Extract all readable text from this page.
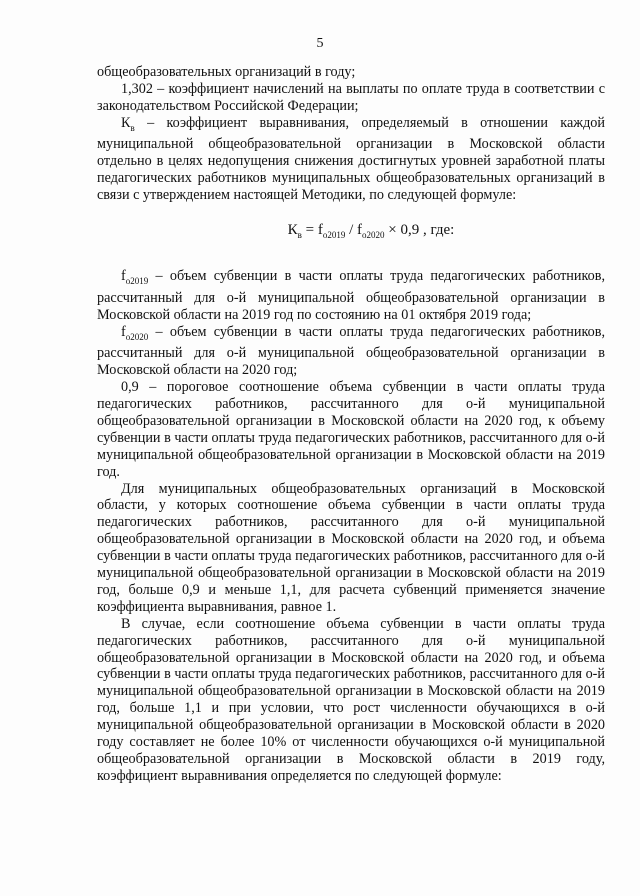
5

общеобразовательных организаций в году;

1,302 – коэффициент начислений на выплаты по оплате труда в соответствии с законодательством Российской Федерации;

$К_в$ – коэффициент выравнивания, определяемый в отношении каждой муниципальной общеобразовательной организации в Московской области отдельно в целях недопущения снижения достигнутых уровней заработной платы педагогических работников муниципальных общеобразовательных организаций в связи с утверждением настоящей Методики, по следующей формуле:

$К_в = f_{o2019} / f_{o2020} \times 0,9$ , где:

$f_{o2019}$ – объем субвенции в части оплаты труда педагогических работников, рассчитанный для о-й муниципальной общеобразовательной организации в Московской области на 2019 год по состоянию на 01 октября 2019 года;

$f_{o2020}$ – объем субвенции в части оплаты труда педагогических работников, рассчитанный для о-й муниципальной общеобразовательной организации в Московской области на 2020 год;

0,9 – пороговое соотношение объема субвенции в части оплаты труда педагогических работников, рассчитанного для о-й муниципальной общеобразовательной организации в Московской области на 2020 год, к объему субвенции в части оплаты труда педагогических работников, рассчитанного для о-й муниципальной общеобразовательной организации в Московской области на 2019 год.

Для муниципальных общеобразовательных организаций в Московской области, у которых соотношение объема субвенции в части оплаты труда педагогических работников, рассчитанного для о-й муниципальной общеобразовательной организации в Московской области на 2020 год, и объема субвенции в части оплаты труда педагогических работников, рассчитанного для о-й муниципальной общеобразовательной организации в Московской области на 2019 год, больше 0,9 и меньше 1,1, для расчета субвенций применяется значение коэффициента выравнивания, равное 1.

В случае, если соотношение объема субвенции в части оплаты труда педагогических работников, рассчитанного для о-й муниципальной общеобразовательной организации в Московской области на 2020 год, и объема субвенции в части оплаты труда педагогических работников, рассчитанного для о-й муниципальной общеобразовательной организации в Московской области на 2019 год, больше 1,1 и при условии, что рост численности обучающихся в о-й муниципальной общеобразовательной организации в Московской области в 2020 году составляет не более 10% от численности обучающихся о-й муниципальной общеобразовательной организации в Московской области в 2019 году, коэффициент выравнивания определяется по следующей формуле:
